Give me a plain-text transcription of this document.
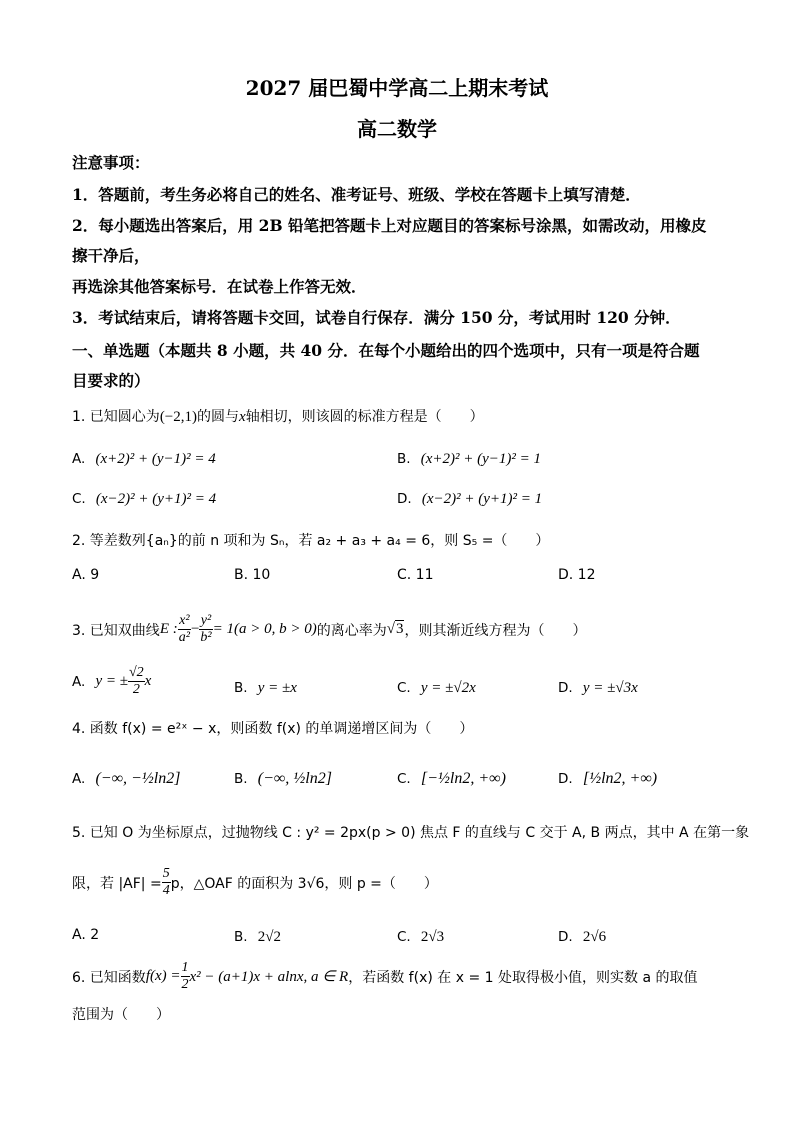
2027 届巴蜀中学高二上期末考试
高二数学
注意事项：
1．答题前，考生务必将自己的姓名、准考证号、班级、学校在答题卡上填写清楚．
2．每小题选出答案后，用 2B 铅笔把答题卡上对应题目的答案标号涂黑，如需改动，用橡皮
擦干净后，
再选涂其他答案标号．在试卷上作答无效．
3．考试结束后，请将答题卡交回，试卷自行保存．满分 150 分，考试用时 120 分钟．
一、单选题（本题共 8 小题，共 40 分．在每个小题给出的四个选项中，只有一项是符合题
目要求的）
1. 已知圆心为(−2,1)的圆与x轴相切，则该圆的标准方程是（　　）
A. (x+2)² + (y−1)² = 4	B. (x+2)² + (y−1)² = 1
C. (x−2)² + (y+1)² = 4	D. (x−2)² + (y+1)² = 1
2. 等差数列{aₙ}的前 n 项和为 Sₙ，若 a₂ + a₃ + a₄ = 6，则 S₅ =（　　）
A. 9	B. 10	C. 11	D. 12
3. 已知双曲线 E : $\frac{\text{x²}}{\text{a²}} - \frac{\text{y²}}{\text{b²}} = 1(a > 0$, b > 0) 的离心率为 √3 ，则其渐近线方程为（　　）
A.
y = ± $\frac{√2}{2}$ x	B. y = ±x	C. y = ±√2x	D. y = ±√3x
4. 函数 f(x) = e²ˣ − x，则函数 f(x) 的单调递增区间为（　　）
A. (−∞, −½ln2]	B. (−∞, ½ln2]	C. [−½ln2, +∞)	D. [½ln2, +∞)
5. 已知 O 为坐标原点，过抛物线 C : y² = 2px(p > 0) 焦点 F 的直线与 C 交于 A, B 两点，其中 A 在第一象
限，若 $|AF| = \frac{5}{4}$ p，△OAF 的面积为 3√6，则 p =（　　）
A. 2	B. 2√2	C. 2√3	D. 2√6
6. 已知函数 $f(x) = \frac{1}{2} x^2 - (a+1)x + alnx$, a ∈ R ，若函数 f(x) 在 x = 1 处取得极小值，则实数 a 的取值
范围为（　　）
